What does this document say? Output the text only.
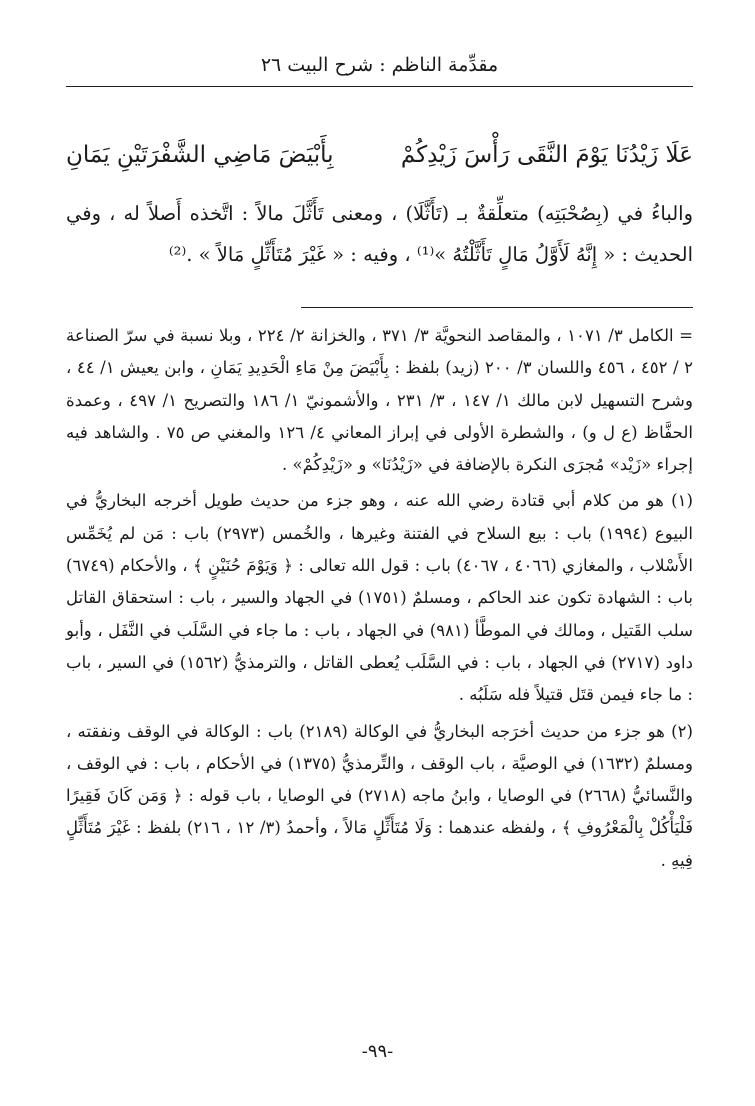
مقدِّمة الناظم : شرح البيت ٢٦
عَلَا زَيْدُنَا يَوْمَ النَّقَى رَأْسَ زَيْدِكُمْ
بِأَبْيَضَ مَاضِي الشَّفْرَتَيْنِ يَمَانِ
والباءُ في (بِصُحْبَتِه) متعلِّقةٌ بـ (تَأَثَّلَا) ، ومعنى تَأَثَّلَ مالاً : اتَّخذه أَصلاً له ، وفي الحديث : « إِنَّهُ لَأَوَّلُ مَالٍ تَأَثَّلْتُهُ »⁽¹⁾ ، وفيه : « غَيْرَ مُتَأَثِّلٍ مَالاً » .⁽²⁾

= الكامل ٣/ ١٠٧١ ، والمقاصد النحويَّة ٣/ ٣٧١ ، والخزانة ٢/ ٢٢٤ ، وبلا نسبة في سرّ الصناعة ٢ / ٤٥٢ ، ٤٥٦ واللسان ٣/ ٢٠٠ (زيد) بلفظ : بِأَبْيَضَ مِنْ مَاءِ الْحَدِيدِ يَمَانِ ، وابن يعيش ١/ ٤٤ ، وشرح التسهيل لابن مالك ١/ ١٤٧ ، ٣/ ٢٣١ ، والأشمونيّ ١/ ١٨٦ والتصريح ١/ ٤٩٧ ، وعمدة الحفَّاظ (ع ل و) ، والشطرة الأولى في إبراز المعاني ٤/ ١٢٦ والمغني ص ٧٥ . والشاهد فيه إجراء «زَيْد» مُجرَى النكرة بالإضافة في «زَيْدُنَا» و «زَيْدِكُمْ» .

(١) هو من كلام أبي قتادة رضي الله عنه ، وهو جزء من حديث طويل أخرجه البخاريُّ في البيوع (١٩٩٤) باب : بيع السلاح في الفتنة وغيرها ، والخُمس (٢٩٧٣) باب : مَن لم يُخَمِّس الأَسْلاب ، والمغازي (٤٠٦٦ ، ٤٠٦٧) باب : قول الله تعالى : ﴿ وَيَوْمَ حُنَيْنٍ ﴾ ، والأحكام (٦٧٤٩) باب : الشهادة تكون عند الحاكم ، ومسلمٌ (١٧٥١) في الجهاد والسير ، باب : استحقاق القاتل سلب القَتيل ، ومالك في الموطَّأ (٩٨١) في الجهاد ، باب : ما جاء في السَّلَب في النَّفَل ، وأبو داود (٢٧١٧) في الجهاد ، باب : في السَّلَب يُعطى القاتل ، والترمذيُّ (١٥٦٢) في السير ، باب : ما جاء فيمن قتَل قتيلاً فله سَلَبُه .

(٢) هو جزء من حديث أخرَجه البخاريُّ في الوكالة (٢١٨٩) باب : الوكالة في الوقف ونفقته ، ومسلمٌ (١٦٣٢) في الوصيَّة ، باب الوقف ، والتِّرمذيُّ (١٣٧٥) في الأحكام ، باب : في الوقف ، والنَّسائيُّ (٢٦٦٨) في الوصايا ، وابنُ ماجه (٢٧١٨) في الوصايا ، باب قوله : ﴿ وَمَن كَانَ فَقِيرًا فَلْيَأْكُلْ بِالْمَعْرُوفِ ﴾ ، ولفظه عندهما : وَلَا مُتَأَثِّلٍ مَالاً ، وأحمدُ (٣/ ١٢ ، ٢١٦) بلفظ : غَيْرَ مُتَأَثِّلٍ فِيهِ .

-٩٩-
